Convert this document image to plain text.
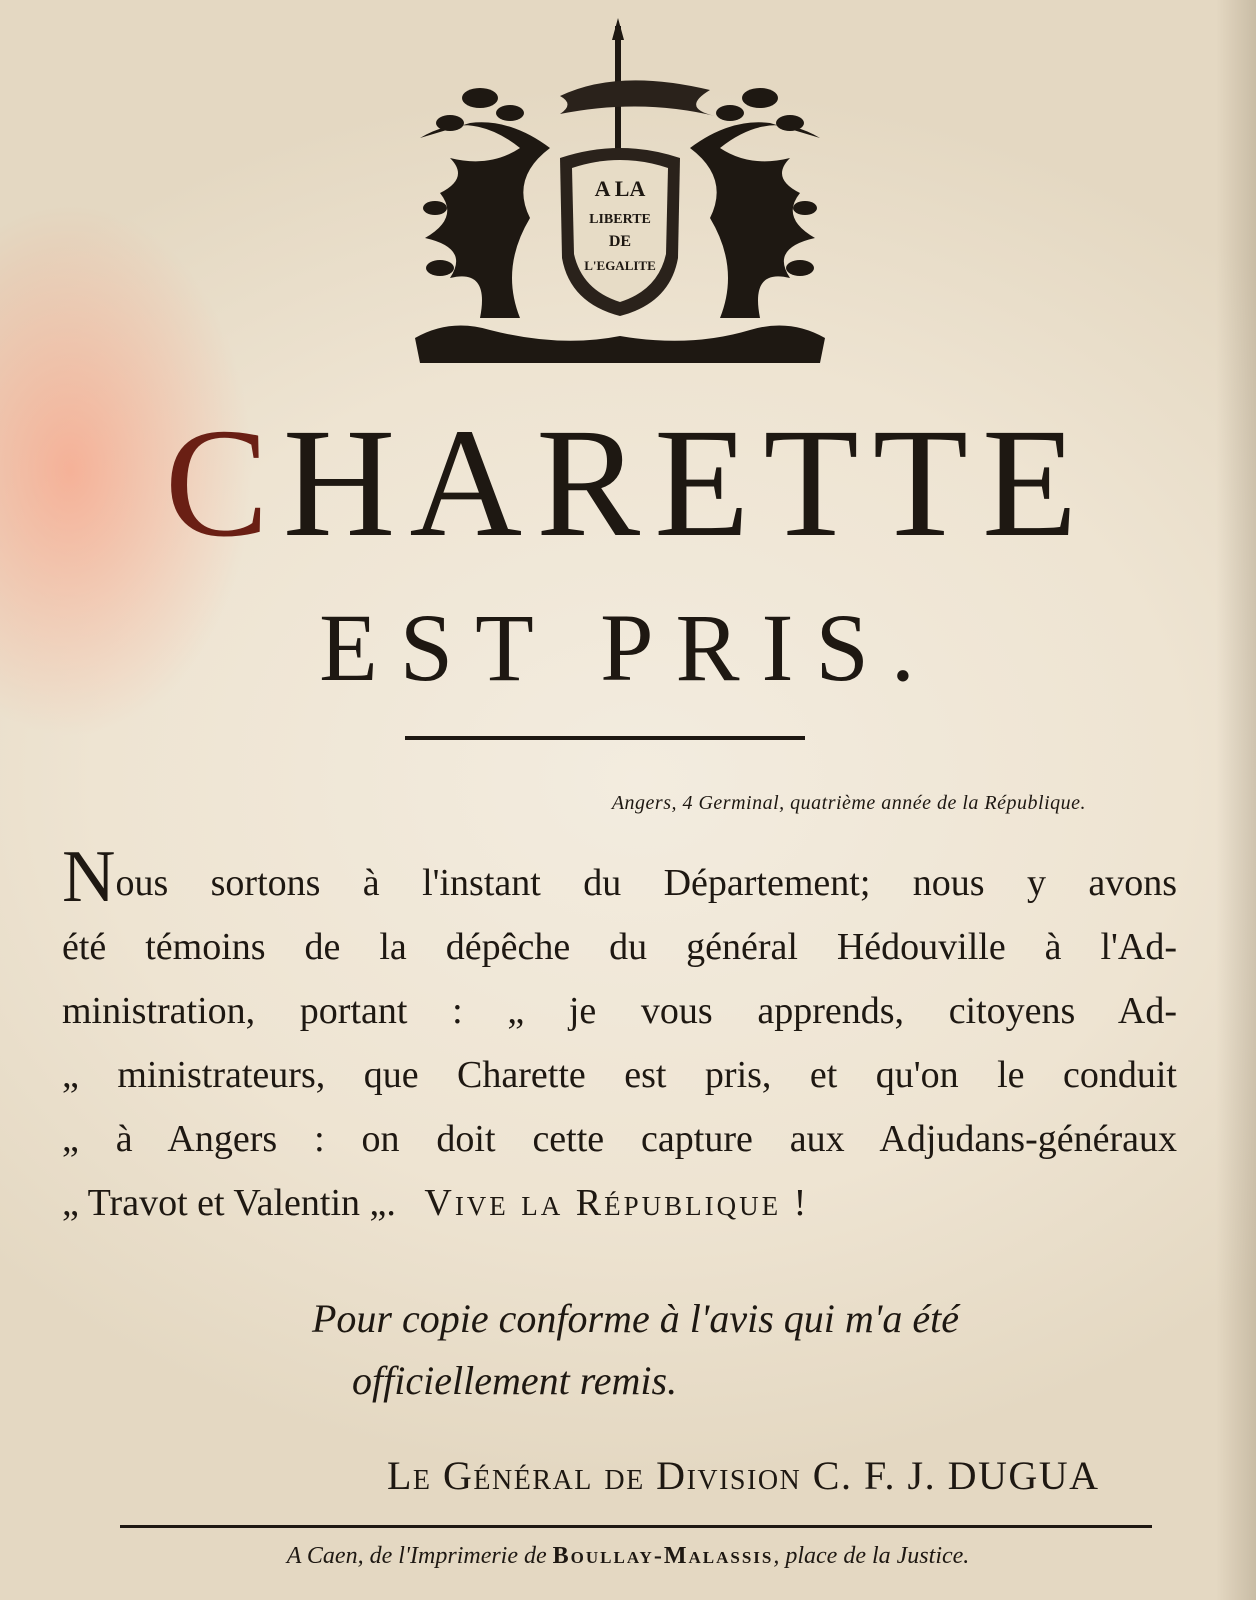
A LA
LIBERTE
DE
L'EGALITE
CHARETTE
EST PRIS.
Angers, 4 Germinal, quatrième année de la République.
Nous sortons à l'instant du Département; nous y avons
été témoins de la dépêche du général Hédouville à l'Ad-
ministration, portant : „ je vous apprends, citoyens Ad-
„ ministrateurs, que Charette est pris, et qu'on le conduit
„ à Angers : on doit cette capture aux Adjudans-généraux
„ Travot et Valentin „. Vive la République !
Pour copie conforme à l'avis qui m'a été
officiellement remis.
Le Général de Division C. F. J. DUGUA
A Caen, de l'Imprimerie de Boullay-Malassis, place de la Justice.
